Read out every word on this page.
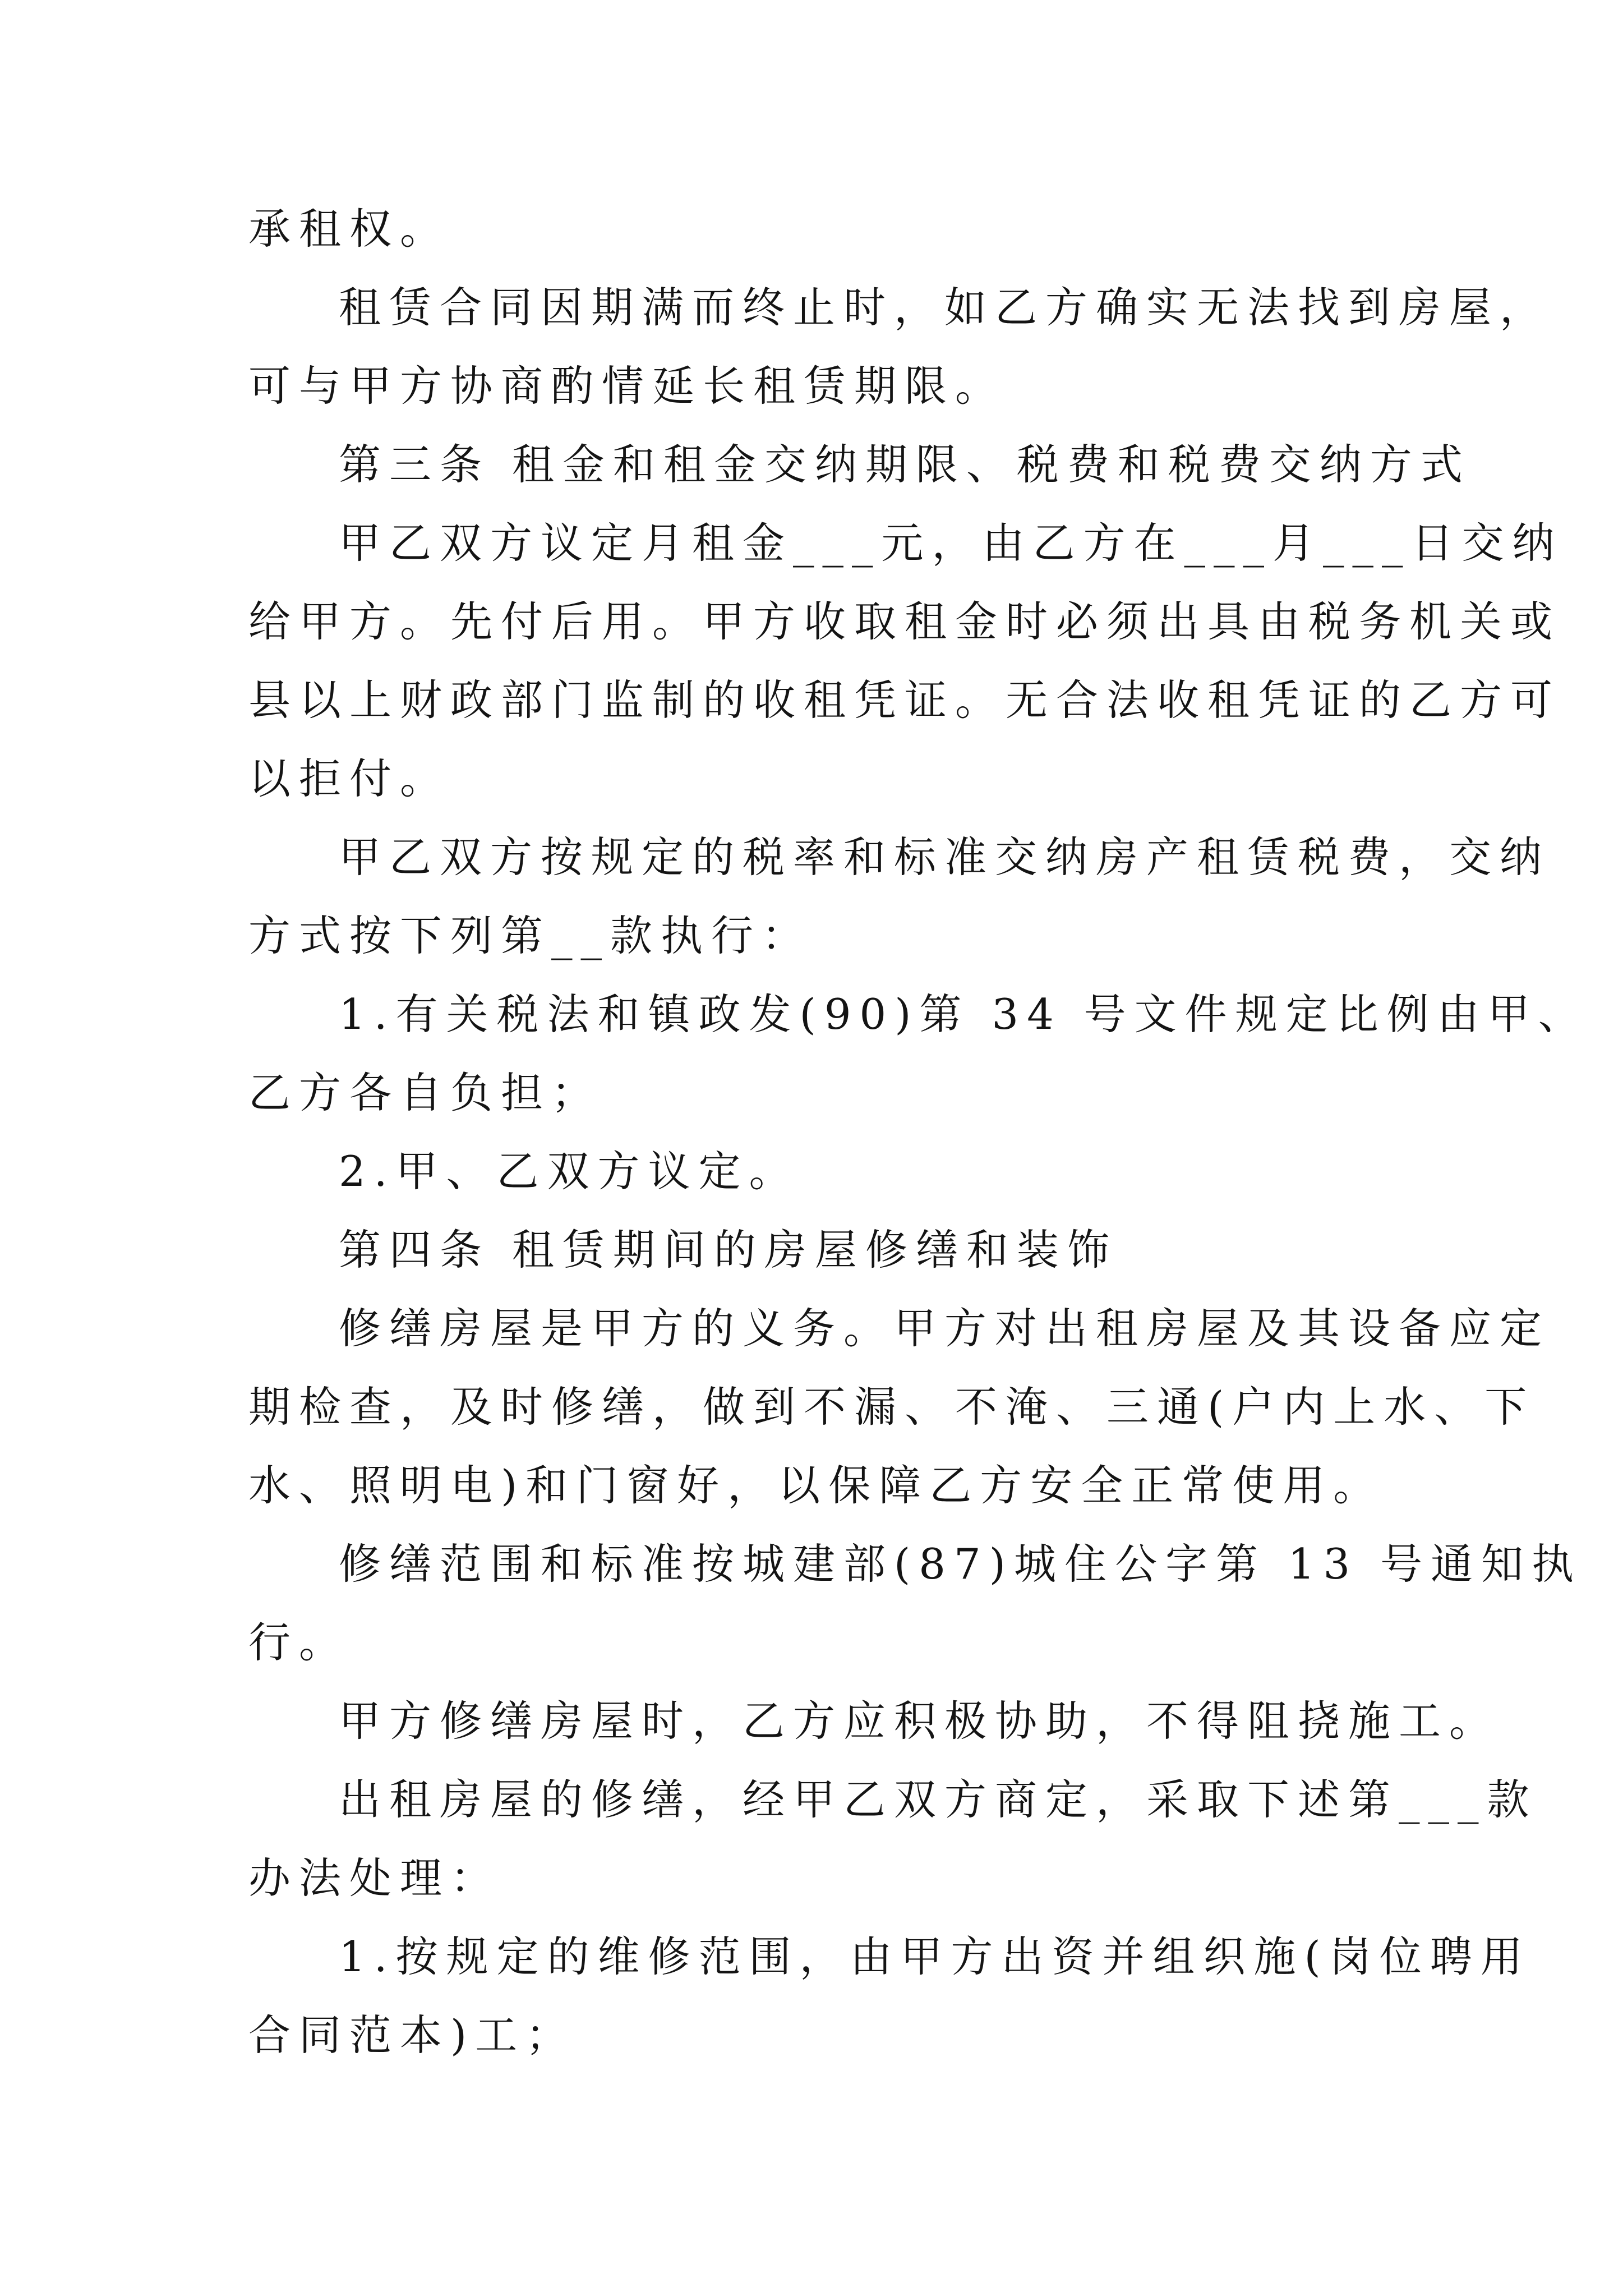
承租权。

租赁合同因期满而终止时，如乙方确实无法找到房屋，

可与甲方协商酌情延长租赁期限。

第三条 租金和租金交纳期限、税费和税费交纳方式

甲乙双方议定月租金___元，由乙方在___月___日交纳

给甲方。先付后用。甲方收取租金时必须出具由税务机关或

县以上财政部门监制的收租凭证。无合法收租凭证的乙方可

以拒付。

甲乙双方按规定的税率和标准交纳房产租赁税费，交纳

方式按下列第__款执行：

1.有关税法和镇政发(90)第 34 号文件规定比例由甲、

乙方各自负担；

2.甲、乙双方议定。

第四条 租赁期间的房屋修缮和装饰

修缮房屋是甲方的义务。甲方对出租房屋及其设备应定

期检查，及时修缮，做到不漏、不淹、三通(户内上水、下

水、照明电)和门窗好，以保障乙方安全正常使用。

修缮范围和标准按城建部(87)城住公字第 13 号通知执

行。

甲方修缮房屋时，乙方应积极协助，不得阻挠施工。

出租房屋的修缮，经甲乙双方商定，采取下述第___款

办法处理：

1.按规定的维修范围，由甲方出资并组织施(岗位聘用

合同范本)工；
